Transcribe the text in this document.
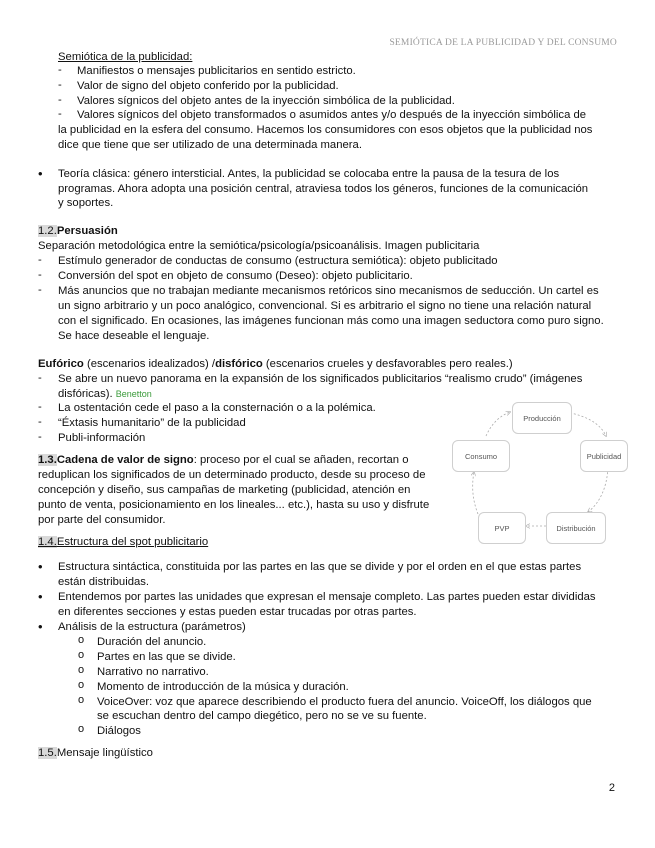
SEMIÓTICA DE LA PUBLICIDAD Y DEL CONSUMO
Semiótica de la publicidad:
- Manifiestos o mensajes publicitarios en sentido estricto.
- Valor de signo del objeto conferido por la publicidad.
- Valores sígnicos del objeto antes de la inyección simbólica de la publicidad.
- Valores sígnicos del objeto transformados o asumidos antes y/o después de la inyección simbólica de
la publicidad en la esfera del consumo. Hacemos los consumidores con esos objetos que la publicidad nos
dice que tiene que ser utilizado de una determinada manera.
• Teoría clásica: género intersticial. Antes, la publicidad se colocaba entre la pausa de la tesura de los
programas. Ahora adopta una posición central, atraviesa todos los géneros, funciones de la comunicación
y soportes.
1.2.Persuasión
Separación metodológica entre la semiótica/psicología/psicoanálisis. Imagen publicitaria
- Estímulo generador de conductas de consumo (estructura semiótica): objeto publicitado
- Conversión del spot en objeto de consumo (Deseo): objeto publicitario.
- Más anuncios que no trabajan mediante mecanismos retóricos sino mecanismos de seducción. Un cartel es
un signo arbitrario y un poco analógico, convencional. Si es arbitrario el signo no tiene una relación natural
con el significado. En ocasiones, las imágenes funcionan más como una imagen seductora como puro signo.
Se hace deseable el lenguaje.
Eufórico (escenarios idealizados) /disfórico (escenarios crueles y desfavorables pero reales.)
- Se abre un nuevo panorama en la expansión de los significados publicitarios “realismo crudo” (imágenes
disfóricas). Benetton
- La ostentación cede el paso a la consternación o a la polémica.
- “Éxtasis humanitario” de la publicidad
- Publi-información
1.3.Cadena de valor de signo: proceso por el cual se añaden, recortan o
reduplican los significados de un determinado producto, desde su proceso de
concepción y diseño, sus campañas de marketing (publicidad, atención en
punto de venta, posicionamiento en los lineales... etc.), hasta su uso y disfrute
por parte del consumidor.
Producción
Publicidad
Distribución
PVP
Consumo
1.4.Estructura del spot publicitario
• Estructura sintáctica, constituida por las partes en las que se divide y por el orden en el que estas partes
están distribuidas.
• Entendemos por partes las unidades que expresan el mensaje completo. Las partes pueden estar divididas
en diferentes secciones y estas pueden estar trucadas por otras partes.
• Análisis de la estructura (parámetros)
o Duración del anuncio.
o Partes en las que se divide.
o Narrativo no narrativo.
o Momento de introducción de la música y duración.
o VoiceOver: voz que aparece describiendo el producto fuera del anuncio. VoiceOff, los diálogos que
se escuchan dentro del campo diegético, pero no se ve su fuente.
o Diálogos
1.5.Mensaje lingüístico
2
